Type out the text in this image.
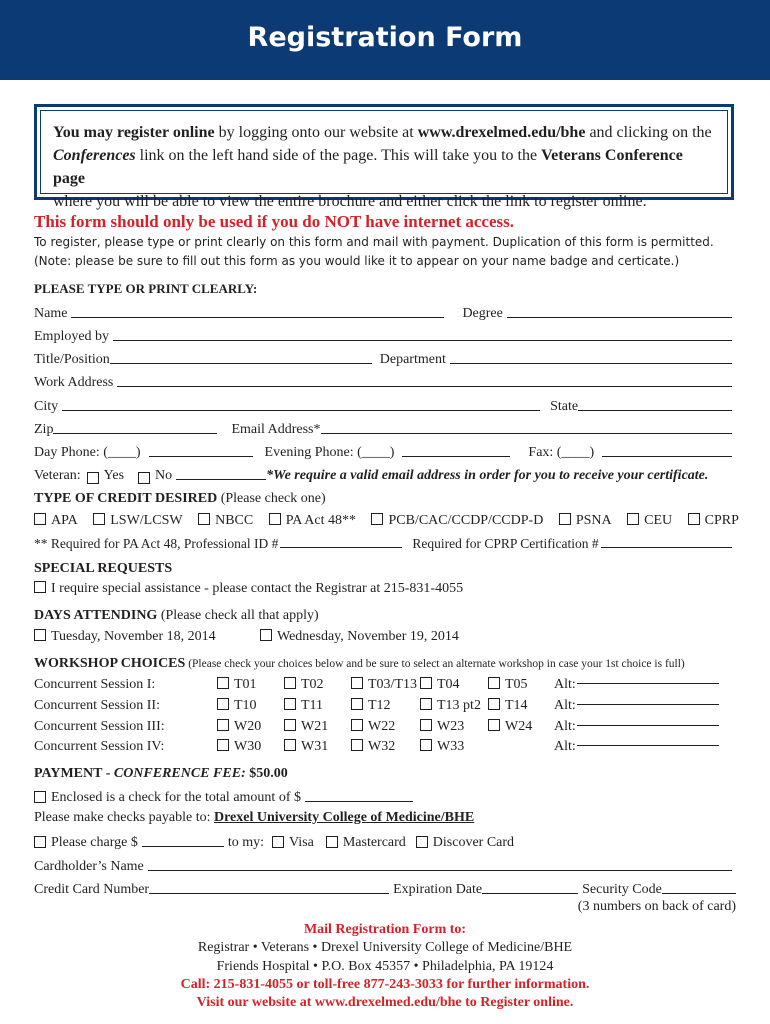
Registration Form
You may register online by logging onto our website at www.drexelmed.edu/bhe and clicking on the
Conferences link on the left hand side of the page. This will take you to the Veterans Conference page
where you will be able to view the entire brochure and either click the link to register online.
This form should only be used if you do NOT have internet access.
To register, please type or print clearly on this form and mail with payment. Duplication of this form is permitted.
(Note: please be sure to fill out this form as you would like it to appear on your name badge and certicate.)
PLEASE TYPE OR PRINT CLEARLY:
Name	Degree
Employed by
Title/Position	Department
Work Address
City	State
Zip	Email Address*
Day Phone: (____)	Evening Phone: (____)	Fax: (____)
Veteran: Yes No	*We require a valid email address in order for you to receive your certificate.
TYPE OF CREDIT DESIRED (Please check one)
APA LSW/LCSW NBCC PA Act 48** PCB/CAC/CCDP/CCDP-D PSNA CEU CPRP
** Required for PA Act 48, Professional ID #	Required for CPRP Certification #
SPECIAL REQUESTS
I require special assistance - please contact the Registrar at 215-831-4055
DAYS ATTENDING (Please check all that apply)
Tuesday, November 18, 2014	Wednesday, November 19, 2014
WORKSHOP CHOICES (Please check your choices below and be sure to select an alternate workshop in case your 1st choice is full)
Concurrent Session I:	T01	T02	T03/T13	T04	T05 Alt:
Concurrent Session II:	T10	T11	T12	T13 pt2	T14 Alt:
Concurrent Session III:	W20	W21	W22	W23	W24 Alt:
Concurrent Session IV:	W30	W31	W32	W33	Alt:
PAYMENT - CONFERENCE FEE: $50.00
Enclosed is a check for the total amount of $
Please make checks payable to: Drexel University College of Medicine/BHE
Please charge $	to my: Visa Mastercard Discover Card
Cardholder’s Name
Credit Card Number	Expiration Date	Security Code
(3 numbers on back of card)
Mail Registration Form to:
Registrar • Veterans • Drexel University College of Medicine/BHE
Friends Hospital • P.O. Box 45357 • Philadelphia, PA 19124
Call: 215-831-4055 or toll-free 877-243-3033 for further information.
Visit our website at www.drexelmed.edu/bhe to Register online.
